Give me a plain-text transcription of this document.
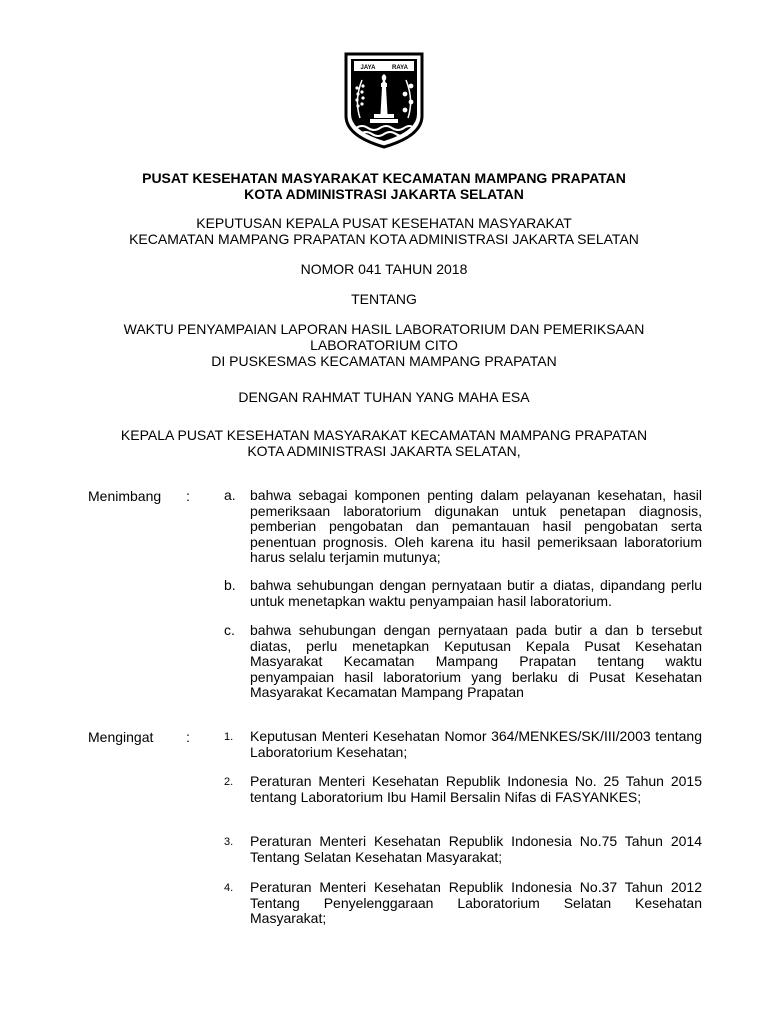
JAYA	RAYA
PUSAT KESEHATAN MASYARAKAT KECAMATAN MAMPANG PRAPATAN
KOTA ADMINISTRASI JAKARTA SELATAN
KEPUTUSAN KEPALA PUSAT KESEHATAN MASYARAKAT
KECAMATAN MAMPANG PRAPATAN KOTA ADMINISTRASI JAKARTA SELATAN
NOMOR 041 TAHUN 2018
TENTANG
WAKTU PENYAMPAIAN LAPORAN HASIL LABORATORIUM DAN PEMERIKSAAN
LABORATORIUM CITO
DI PUSKESMAS KECAMATAN MAMPANG PRAPATAN
DENGAN RAHMAT TUHAN YANG MAHA ESA
KEPALA PUSAT KESEHATAN MASYARAKAT KECAMATAN MAMPANG PRAPATAN
KOTA ADMINISTRASI JAKARTA SELATAN,
Menimbang : a.	bahwa sebagai komponen penting dalam pelayanan kesehatan, hasil pemeriksaan laboratorium digunakan untuk penetapan diagnosis, pemberian pengobatan dan pemantauan hasil pengobatan serta penentuan prognosis. Oleh karena itu hasil pemeriksaan laboratorium harus selalu terjamin mutunya;
b.	bahwa sehubungan dengan pernyataan butir a diatas, dipandang perlu untuk menetapkan waktu penyampaian hasil laboratorium.
c.	bahwa sehubungan dengan pernyataan pada butir a dan b tersebut diatas, perlu menetapkan Keputusan Kepala Pusat Kesehatan Masyarakat Kecamatan Mampang Prapatan tentang waktu penyampaian hasil laboratorium yang berlaku di Pusat Kesehatan Masyarakat Kecamatan Mampang Prapatan
Mengingat :	1.	Keputusan Menteri Kesehatan Nomor 364/MENKES/SK/III/2003 tentang Laboratorium Kesehatan;
2.	Peraturan Menteri Kesehatan Republik Indonesia No. 25 Tahun 2015 tentang Laboratorium Ibu Hamil Bersalin Nifas di FASYANKES;
3.	Peraturan Menteri Kesehatan Republik Indonesia No.75 Tahun 2014 Tentang Selatan Kesehatan Masyarakat;
4.	Peraturan Menteri Kesehatan Republik Indonesia No.37 Tahun 2012 Tentang Penyelenggaraan Laboratorium Selatan Kesehatan Masyarakat;
